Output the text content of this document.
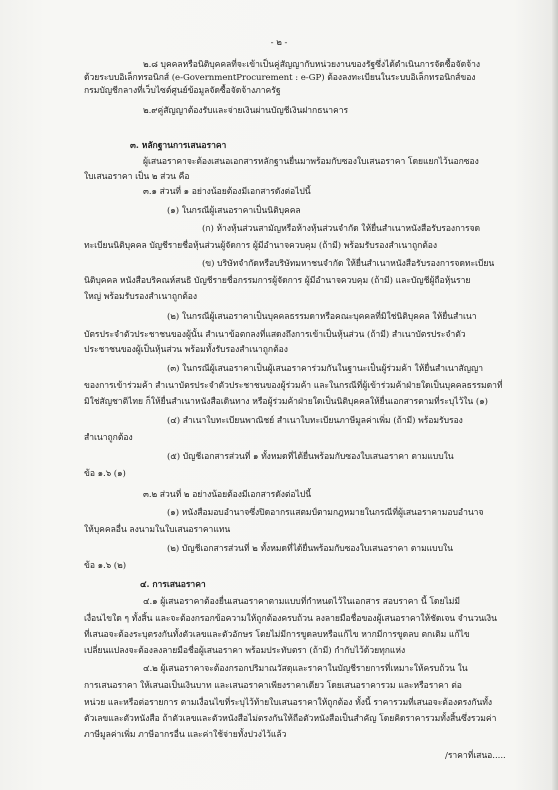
- ๒ -
๒.๘ บุคคลหรือนิติบุคคลที่จะเข้าเป็นคู่สัญญากับหน่วยงานของรัฐซึ่งได้ดำเนินการจัดซื้อจัดจ้าง
ด้วยระบบอิเล็กทรอนิกส์ (e-GovernmentProcurement : e-GP) ต้องลงทะเบียนในระบบอิเล็กทรอนิกส์ของ
กรมบัญชีกลางที่เว็บไซต์ศูนย์ข้อมูลจัดซื้อจัดจ้างภาครัฐ
๒.๙คู่สัญญาต้องรับและจ่ายเงินผ่านบัญชีเงินฝากธนาคาร
๓. หลักฐานการเสนอราคา
ผู้เสนอราคาจะต้องเสนอเอกสารหลักฐานยื่นมาพร้อมกับซองใบเสนอราคา โดยแยกไว้นอกซอง
ใบเสนอราคา เป็น ๒ ส่วน คือ
๓.๑ ส่วนที่ ๑ อย่างน้อยต้องมีเอกสารดังต่อไปนี้
(๑) ในกรณีผู้เสนอราคาเป็นนิติบุคคล
(ก) ห้างหุ้นส่วนสามัญหรือห้างหุ้นส่วนจำกัด ให้ยื่นสำเนาหนังสือรับรองการจด
ทะเบียนนิติบุคคล บัญชีรายชื่อหุ้นส่วนผู้จัดการ ผู้มีอำนาจควบคุม (ถ้ามี) พร้อมรับรองสำเนาถูกต้อง
(ข) บริษัทจำกัดหรือบริษัทมหาชนจำกัด ให้ยื่นสำเนาหนังสือรับรองการจดทะเบียน
นิติบุคคล หนังสือบริคณห์สนธิ บัญชีรายชื่อกรรมการผู้จัดการ ผู้มีอำนาจควบคุม (ถ้ามี) และบัญชีผู้ถือหุ้นราย
ใหญ่ พร้อมรับรองสำเนาถูกต้อง
(๒) ในกรณีผู้เสนอราคาเป็นบุคคลธรรมดาหรือคณะบุคคลที่มิใช่นิติบุคคล ให้ยื่นสำเนา
บัตรประจำตัวประชาชนของผู้นั้น สำเนาข้อตกลงที่แสดงถึงการเข้าเป็นหุ้นส่วน (ถ้ามี) สำเนาบัตรประจำตัว
ประชาชนของผู้เป็นหุ้นส่วน พร้อมทั้งรับรองสำเนาถูกต้อง
(๓) ในกรณีผู้เสนอราคาเป็นผู้เสนอราคาร่วมกันในฐานะเป็นผู้ร่วมค้า ให้ยื่นสำเนาสัญญา
ของการเข้าร่วมค้า สำเนาบัตรประจำตัวประชาชนของผู้ร่วมค้า และในกรณีที่ผู้เข้าร่วมค้าฝ่ายใดเป็นบุคคลธรรมดาที่
มิใช่สัญชาติไทย ก็ให้ยื่นสำเนาหนังสือเดินทาง หรือผู้ร่วมค้าฝ่ายใดเป็นนิติบุคคลให้ยื่นเอกสารตามที่ระบุไว้ใน (๑)
(๔) สำเนาใบทะเบียนพาณิชย์ สำเนาใบทะเบียนภาษีมูลค่าเพิ่ม (ถ้ามี) พร้อมรับรอง
สำเนาถูกต้อง
(๕) บัญชีเอกสารส่วนที่ ๑ ทั้งหมดที่ได้ยื่นพร้อมกับซองใบเสนอราคา ตามแบบใน
ข้อ ๑.๖ (๑)
๓.๒ ส่วนที่ ๒ อย่างน้อยต้องมีเอกสารดังต่อไปนี้
(๑) หนังสือมอบอำนาจซึ่งปิดอากรแสตมป์ตามกฎหมายในกรณีที่ผู้เสนอราคามอบอำนาจ
ให้บุคคลอื่น ลงนามในใบเสนอราคาแทน
(๒) บัญชีเอกสารส่วนที่ ๒ ทั้งหมดที่ได้ยื่นพร้อมกับซองใบเสนอราคา ตามแบบใน
ข้อ ๑.๖ (๒)
๔. การเสนอราคา
๔.๑ ผู้เสนอราคาต้องยื่นเสนอราคาตามแบบที่กำหนดไว้ในเอกสาร สอบราคา นี้ โดยไม่มี
เงื่อนไขใด ๆ ทั้งสิ้น และจะต้องกรอกข้อความให้ถูกต้องครบถ้วน ลงลายมือชื่อของผู้เสนอราคาให้ชัดเจน จำนวนเงิน
ที่เสนอจะต้องระบุตรงกันทั้งตัวเลขและตัวอักษร โดยไม่มีการขูดลบหรือแก้ไข หากมีการขูดลบ ตกเติม แก้ไข
เปลี่ยนแปลงจะต้องลงลายมือชื่อผู้เสนอราคา พร้อมประทับตรา (ถ้ามี) กำกับไว้ด้วยทุกแห่ง
๔.๒ ผู้เสนอราคาจะต้องกรอกปริมาณวัสดุและราคาในบัญชีรายการที่เหมาะให้ครบถ้วน ใน
การเสนอราคา ให้เสนอเป็นเงินบาท และเสนอราคาเพียงราคาเดียว โดยเสนอราคารวม และหรือราคา ต่อ
หน่วย และหรือต่อรายการ ตามเงื่อนไขที่ระบุไว้ท้ายใบเสนอราคาให้ถูกต้อง ทั้งนี้ ราคารวมที่เสนอจะต้องตรงกันทั้ง
ตัวเลขและตัวหนังสือ ถ้าตัวเลขและตัวหนังสือไม่ตรงกันให้ถือตัวหนังสือเป็นสำคัญ โดยคิดราคารวมทั้งสิ้นซึ่งรวมค่า
ภาษีมูลค่าเพิ่ม ภาษีอากรอื่น และค่าใช้จ่ายทั้งปวงไว้แล้ว
/ราคาที่เสนอ.....
